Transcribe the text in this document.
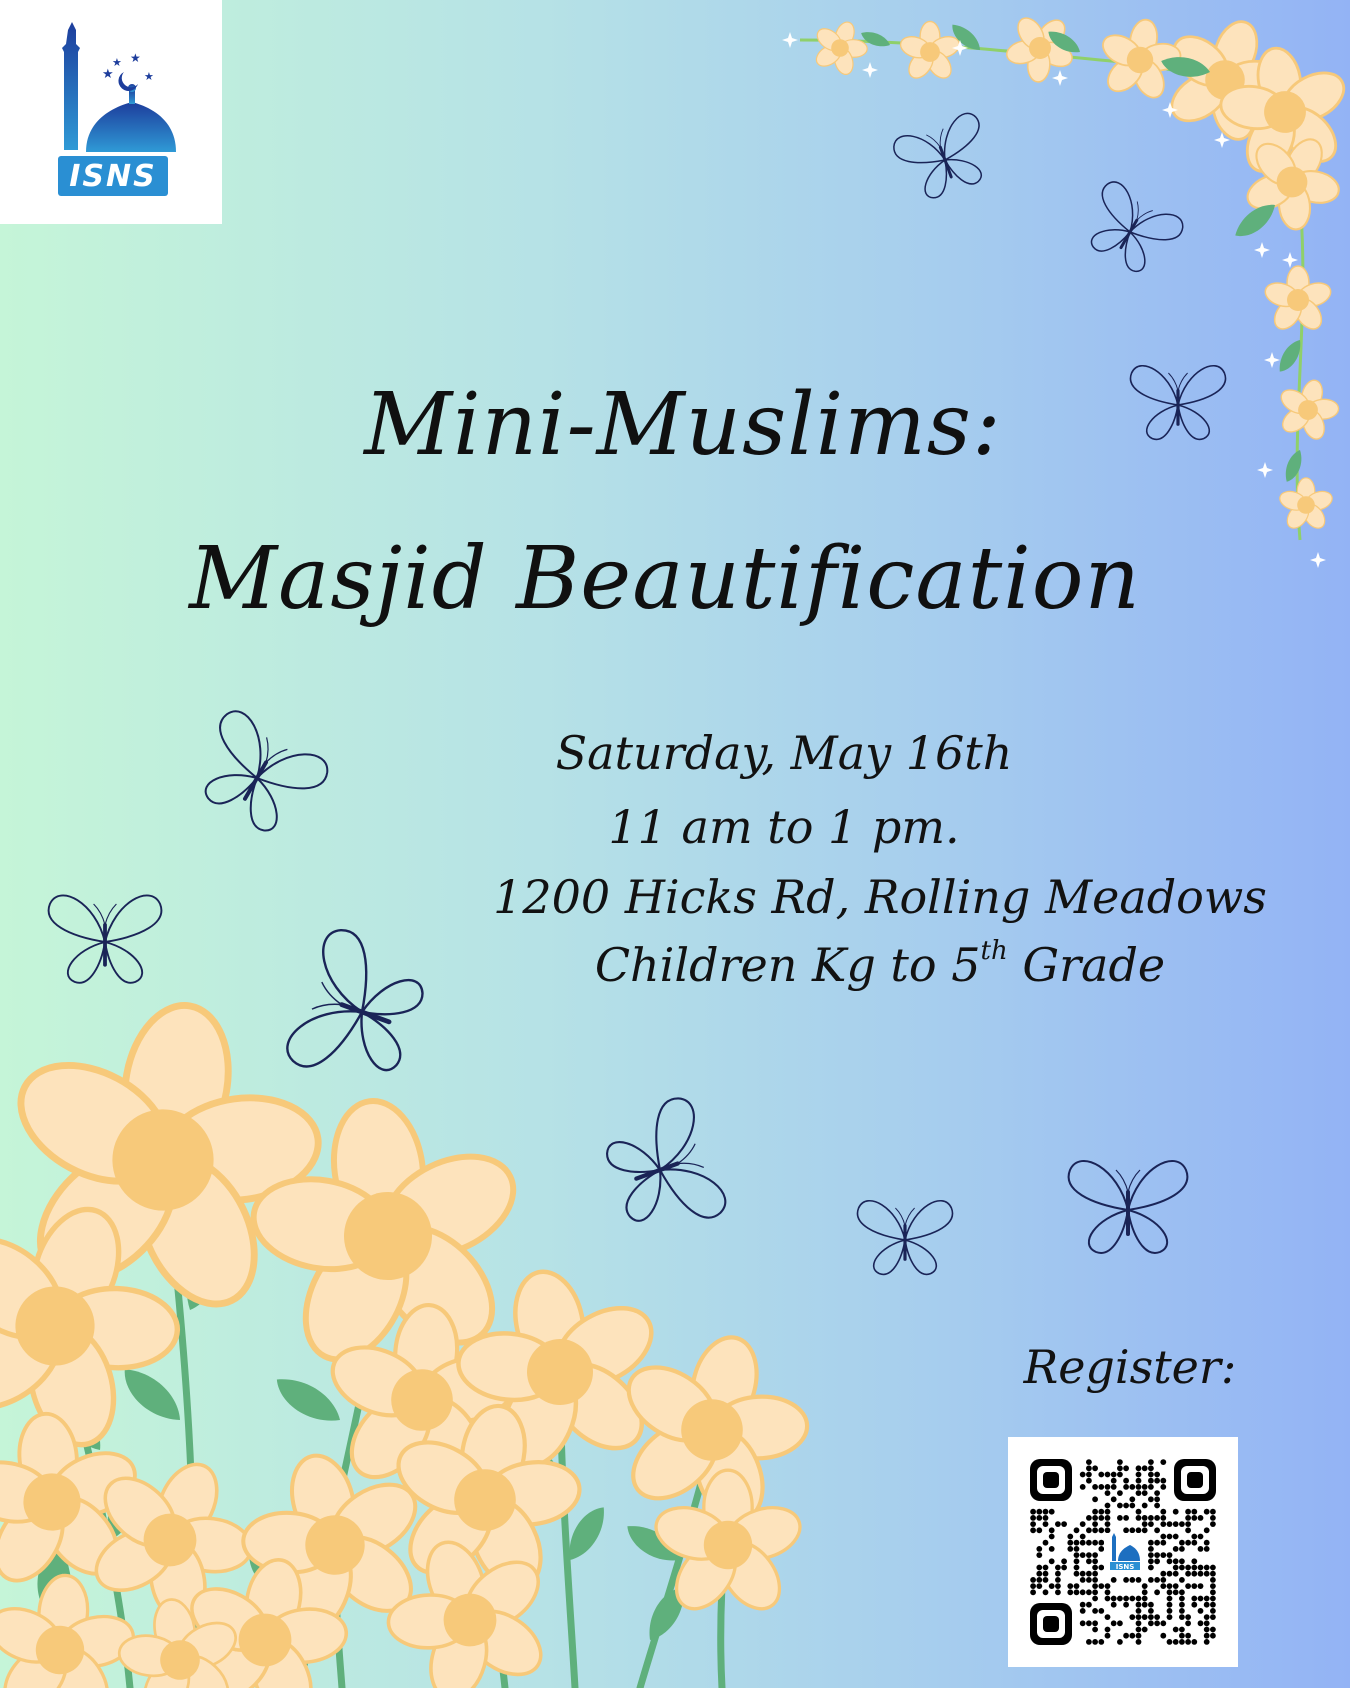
★
★ ★
★
ISNS
Mini-Muslims:
Masjid Beautification
Saturday, May 16th
11 am to 1 pm.
1200 Hicks Rd, Rolling Meadows
Children Kg to 5th Grade
Register:
ISNS
